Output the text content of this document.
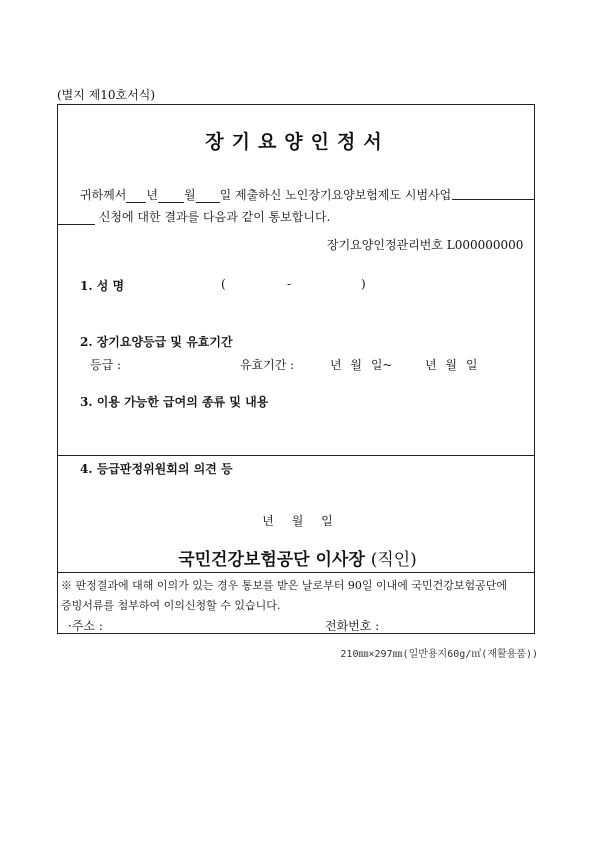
(별지 제10호서식)
장기요양인정서
귀하께서 년 월 일 제출하신 노인장기요양보험제도 시범사업
신청에 대한 결과를 다음과 같이 통보합니다.
장기요양인정관리번호 L000000000
1. 성 명	(	-	)
2. 장기요양등급 및 유효기간
등급 :	유효기간 :	년 월 일~	년 월 일
3. 이용 가능한 급여의 종류 및 내용
4. 등급판정위원회의 의견 등
년 월 일
국민건강보험공단 이사장 (직인)
※ 판정결과에 대해 이의가 있는 경우 통보를 받은 날로부터 90일 이내에 국민건강보험공단에
증빙서류를 첨부하여 이의신청할 수 있습니다.
·주소 :	전화번호 :
210㎜×297㎜(일반용지60g/㎡(재활용품))
